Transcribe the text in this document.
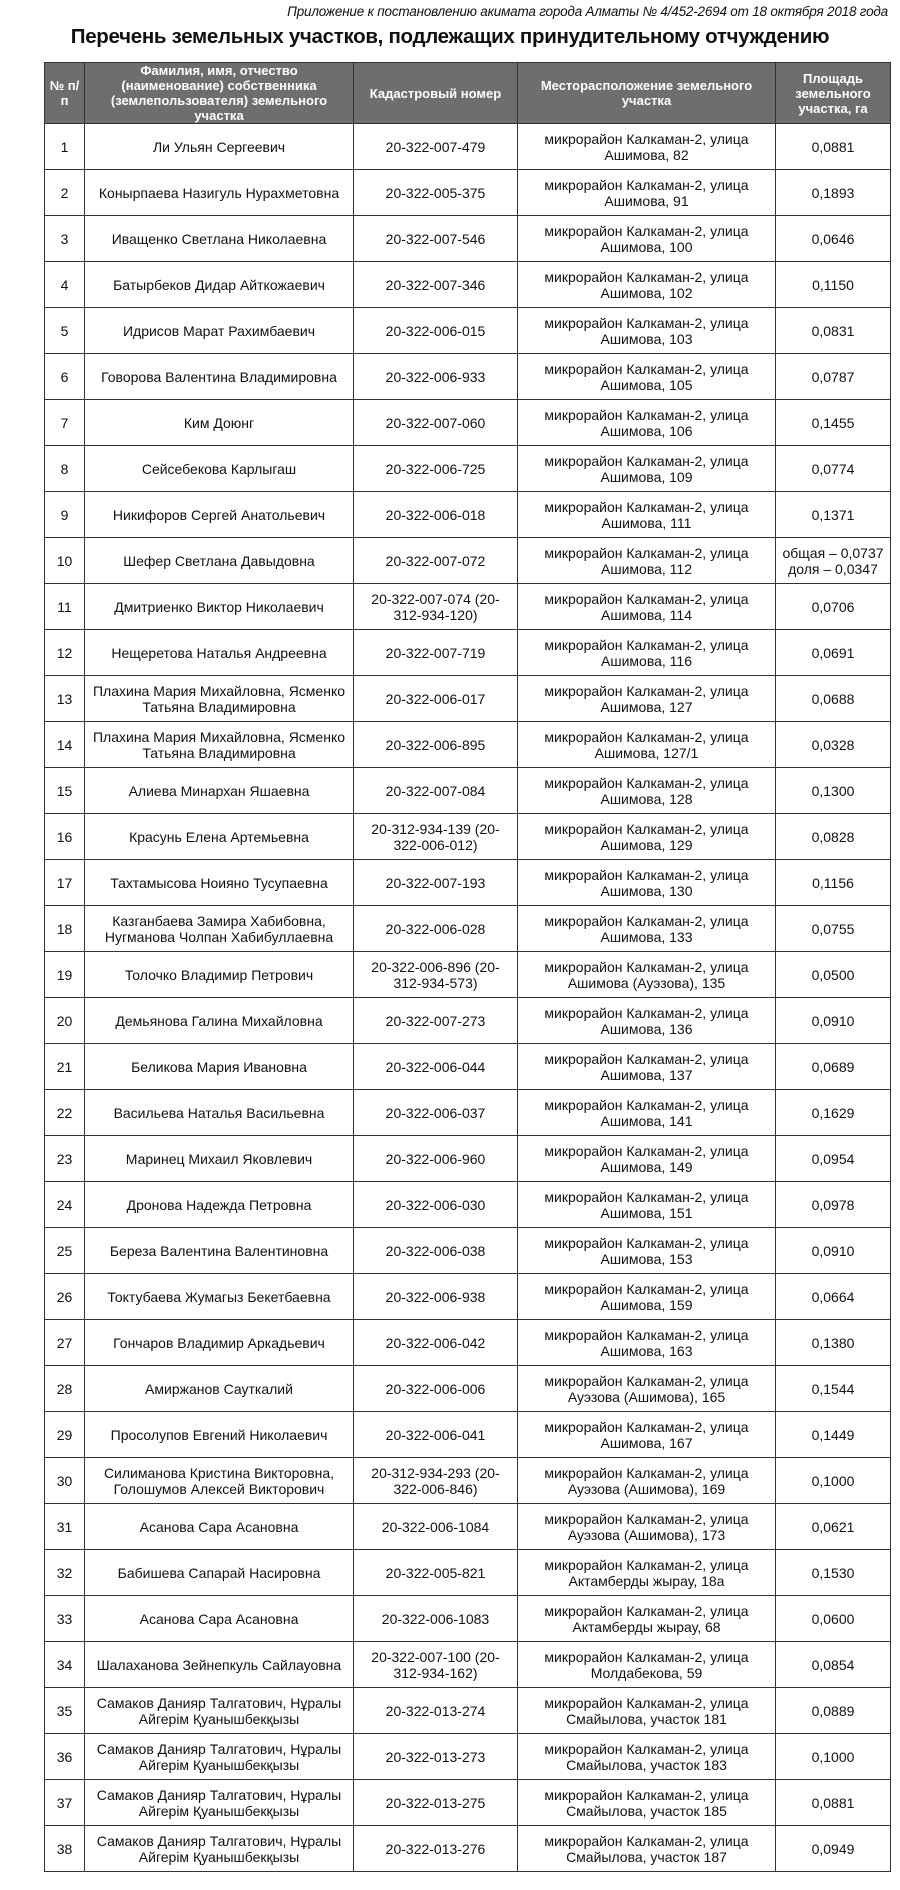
Приложение к постановлению акимата города Алматы № 4/452-2694 от 18 октября 2018 года
Перечень земельных участков, подлежащих принудительному отчуждению
№ п/п	Фамилия, имя, отчество (наименование) собственника (землепользователя) земельного участка	Кадастровый номер	Месторасположение земельного участка	Площадь земельного участка, га
1	Ли Ульян Сергеевич	20-322-007-479	микрорайон Калкаман-2, улица Ашимова, 82	0,0881
2	Конырпаева Назигуль Нурахметовна	20-322-005-375	микрорайон Калкаман-2, улица Ашимова, 91	0,1893
3	Иващенко Светлана Николаевна	20-322-007-546	микрорайон Калкаман-2, улица Ашимова, 100	0,0646
4	Батырбеков Дидар Айткожаевич	20-322-007-346	микрорайон Калкаман-2, улица Ашимова, 102	0,1150
5	Идрисов Марат Рахимбаевич	20-322-006-015	микрорайон Калкаман-2, улица Ашимова, 103	0,0831
6	Говорова Валентина Владимировна	20-322-006-933	микрорайон Калкаман-2, улица Ашимова, 105	0,0787
7	Ким Доюнг	20-322-007-060	микрорайон Калкаман-2, улица Ашимова, 106	0,1455
8	Сейсебекова Карлыгаш	20-322-006-725	микрорайон Калкаман-2, улица Ашимова, 109	0,0774
9	Никифоров Сергей Анатольевич	20-322-006-018	микрорайон Калкаман-2, улица Ашимова, 111	0,1371
10	Шефер Светлана Давыдовна	20-322-007-072	микрорайон Калкаман-2, улица Ашимова, 112	общая – 0,0737 доля – 0,0347
11	Дмитриенко Виктор Николаевич	20-322-007-074 (20-312-934-120)	микрорайон Калкаман-2, улица Ашимова, 114	0,0706
12	Нещеретова Наталья Андреевна	20-322-007-719	микрорайон Калкаман-2, улица Ашимова, 116	0,0691
13	Плахина Мария Михайловна, Ясменко Татьяна Владимировна	20-322-006-017	микрорайон Калкаман-2, улица Ашимова, 127	0,0688
14	Плахина Мария Михайловна, Ясменко Татьяна Владимировна	20-322-006-895	микрорайон Калкаман-2, улица Ашимова, 127/1	0,0328
15	Алиева Минархан Яшаевна	20-322-007-084	микрорайон Калкаман-2, улица Ашимова, 128	0,1300
16	Красунь Елена Артемьевна	20-312-934-139 (20-322-006-012)	микрорайон Калкаман-2, улица Ашимова, 129	0,0828
17	Тахтамысова Ноияно Тусупаевна	20-322-007-193	микрорайон Калкаман-2, улица Ашимова, 130	0,1156
18	Казганбаева Замира Хабибовна, Нугманова Чолпан Хабибуллаевна	20-322-006-028	микрорайон Калкаман-2, улица Ашимова, 133	0,0755
19	Толочко Владимир Петрович	20-322-006-896 (20-312-934-573)	микрорайон Калкаман-2, улица Ашимова (Ауэзова), 135	0,0500
20	Демьянова Галина Михайловна	20-322-007-273	микрорайон Калкаман-2, улица Ашимова, 136	0,0910
21	Беликова Мария Ивановна	20-322-006-044	микрорайон Калкаман-2, улица Ашимова, 137	0,0689
22	Васильева Наталья Васильевна	20-322-006-037	микрорайон Калкаман-2, улица Ашимова, 141	0,1629
23	Маринец Михаил Яковлевич	20-322-006-960	микрорайон Калкаман-2, улица Ашимова, 149	0,0954
24	Дронова Надежда Петровна	20-322-006-030	микрорайон Калкаман-2, улица Ашимова, 151	0,0978
25	Береза Валентина Валентиновна	20-322-006-038	микрорайон Калкаман-2, улица Ашимова, 153	0,0910
26	Токтубаева Жумагыз Бекетбаевна	20-322-006-938	микрорайон Калкаман-2, улица Ашимова, 159	0,0664
27	Гончаров Владимир Аркадьевич	20-322-006-042	микрорайон Калкаман-2, улица Ашимова, 163	0,1380
28	Амиржанов Сауткалий	20-322-006-006	микрорайон Калкаман-2, улица Ауэзова (Ашимова), 165	0,1544
29	Просолупов Евгений Николаевич	20-322-006-041	микрорайон Калкаман-2, улица Ашимова, 167	0,1449
30	Силиманова Кристина Викторовна, Голошумов Алексей Викторович	20-312-934-293 (20-322-006-846)	микрорайон Калкаман-2, улица Ауэзова (Ашимова), 169	0,1000
31	Асанова Сара Асановна	20-322-006-1084	микрорайон Калкаман-2, улица Ауэзова (Ашимова), 173	0,0621
32	Бабишева Сапарай Насировна	20-322-005-821	микрорайон Калкаман-2, улица Актамберды жырау, 18а	0,1530
33	Асанова Сара Асановна	20-322-006-1083	микрорайон Калкаман-2, улица Актамберды жырау, 68	0,0600
34	Шалаханова Зейнепкуль Сайлауовна	20-322-007-100 (20-312-934-162)	микрорайон Калкаман-2, улица Молдабекова, 59	0,0854
35	Самаков Данияр Талгатович, Нұралы Айгерім Қуанышбекқызы	20-322-013-274	микрорайон Калкаман-2, улица Смайылова, участок 181	0,0889
36	Самаков Данияр Талгатович, Нұралы Айгерім Қуанышбекқызы	20-322-013-273	микрорайон Калкаман-2, улица Смайылова, участок 183	0,1000
37	Самаков Данияр Талгатович, Нұралы Айгерім Қуанышбекқызы	20-322-013-275	микрорайон Калкаман-2, улица Смайылова, участок 185	0,0881
38	Самаков Данияр Талгатович, Нұралы Айгерім Қуанышбекқызы	20-322-013-276	микрорайон Калкаман-2, улица Смайылова, участок 187	0,0949
